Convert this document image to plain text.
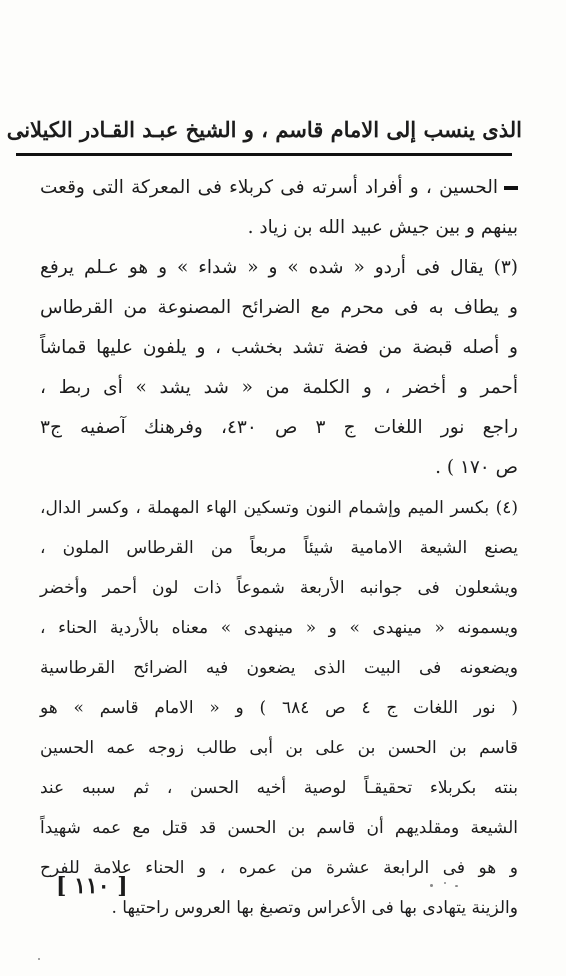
الذى ينسب إلى الامام قاسم ، و الشيخ عبـد القـادر الكيلانى
الحسين ، و أفراد أسرته فى كربلاء فى المعركة التى وقعت
بينهم و بين جيش عبيد الله بن زياد .
(٣) يقال فى أردو « شده » و « شداء » و هو عـلم يرفع
و يطاف به فى محرم مع الضرائح المصنوعة من القرطاس
و أصله قبضة من فضة تشد بخشب ، و يلفون عليها قماشاً
أحمر و أخضر ، و الكلمة من « شد يشد » أى ربط ،
راجع نور اللغات ج ٣ ص ٤٣٠، وفرهنك آصفيه ج٣
ص ١٧٠ ) .
(٤) بكسر الميم وإشمام النون وتسكين الهاء المهملة ، وكسر الدال،
يصنع الشيعة الامامية شيئاً مربعاً من القرطاس الملون ،
ويشعلون فى جوانبه الأربعة شموعاً ذات لون أحمر وأخضر
ويسمونه « مينهدى » و « مينهدى » معناه بالأردية الحناء ،
ويضعونه فى البيت الذى يضعون فيه الضرائح القرطاسية
( نور اللغات ج ٤ ص ٦٨٤ ) و « الامام قاسم » هو
قاسم بن الحسن بن على بن أبى طالب زوجه عمه الحسين
بنته بكربلاء تحقيقـاً لوصية أخيه الحسن ، ثم سببه عند
الشيعة ومقلديهم أن قاسم بن الحسن قد قتل مع عمه شهيداً
و هو فى الرابعة عشرة من عمره ، و الحناء علامة للفرح
والزينة يتهادى بها فى الأعراس وتصبغ بها العروس راحتيها .
[ ١١٠ ]
